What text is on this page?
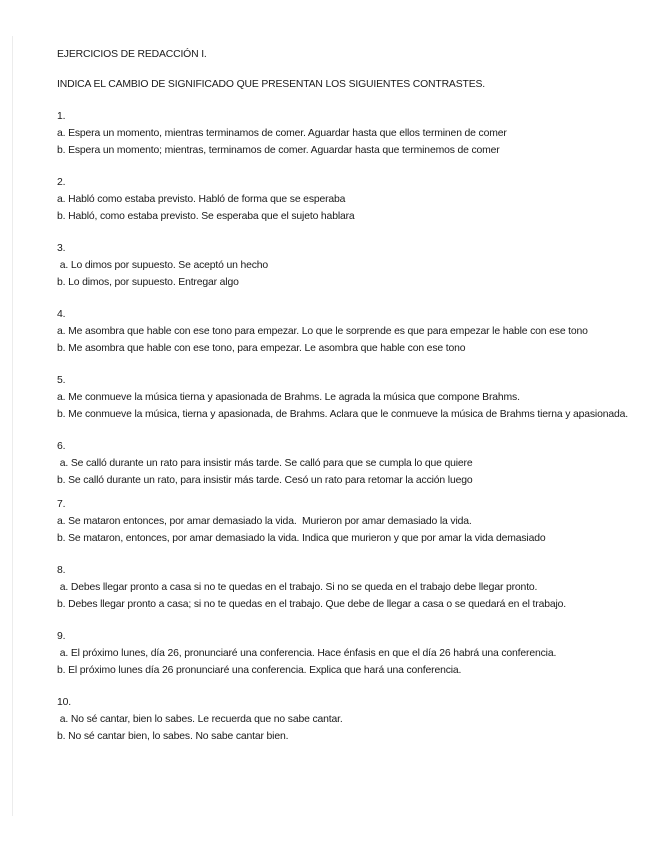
EJERCICIOS DE REDACCIÓN I.

INDICA EL CAMBIO DE SIGNIFICADO QUE PRESENTAN LOS SIGUIENTES CONTRASTES.

1.
a. Espera un momento, mientras terminamos de comer. Aguardar hasta que ellos terminen de comer
b. Espera un momento; mientras, terminamos de comer. Aguardar hasta que terminemos de comer
2.
a. Habló como estaba previsto. Habló de forma que se esperaba
b. Habló, como estaba previsto. Se esperaba que el sujeto hablara
3.
a. Lo dimos por supuesto. Se aceptó un hecho
b. Lo dimos, por supuesto. Entregar algo
4.
a. Me asombra que hable con ese tono para empezar. Lo que le sorprende es que para empezar le hable con ese tono
b. Me asombra que hable con ese tono, para empezar. Le asombra que hable con ese tono
5.
a. Me conmueve la música tierna y apasionada de Brahms. Le agrada la música que compone Brahms.
b. Me conmueve la música, tierna y apasionada, de Brahms. Aclara que le conmueve la música de Brahms tierna y apasionada.
6.
a. Se calló durante un rato para insistir más tarde. Se calló para que se cumpla lo que quiere
b. Se calló durante un rato, para insistir más tarde. Cesó un rato para retomar la acción luego
7.
a. Se mataron entonces, por amar demasiado la vida.  Murieron por amar demasiado la vida.
b. Se mataron, entonces, por amar demasiado la vida. Indica que murieron y que por amar la vida demasiado
8.
a. Debes llegar pronto a casa si no te quedas en el trabajo. Si no se queda en el trabajo debe llegar pronto.
b. Debes llegar pronto a casa; si no te quedas en el trabajo. Que debe de llegar a casa o se quedará en el trabajo.
9.
a. El próximo lunes, día 26, pronunciaré una conferencia. Hace énfasis en que el día 26 habrá una conferencia.
b. El próximo lunes día 26 pronunciaré una conferencia. Explica que hará una conferencia.
10.
a. No sé cantar, bien lo sabes. Le recuerda que no sabe cantar.
b. No sé cantar bien, lo sabes. No sabe cantar bien.
